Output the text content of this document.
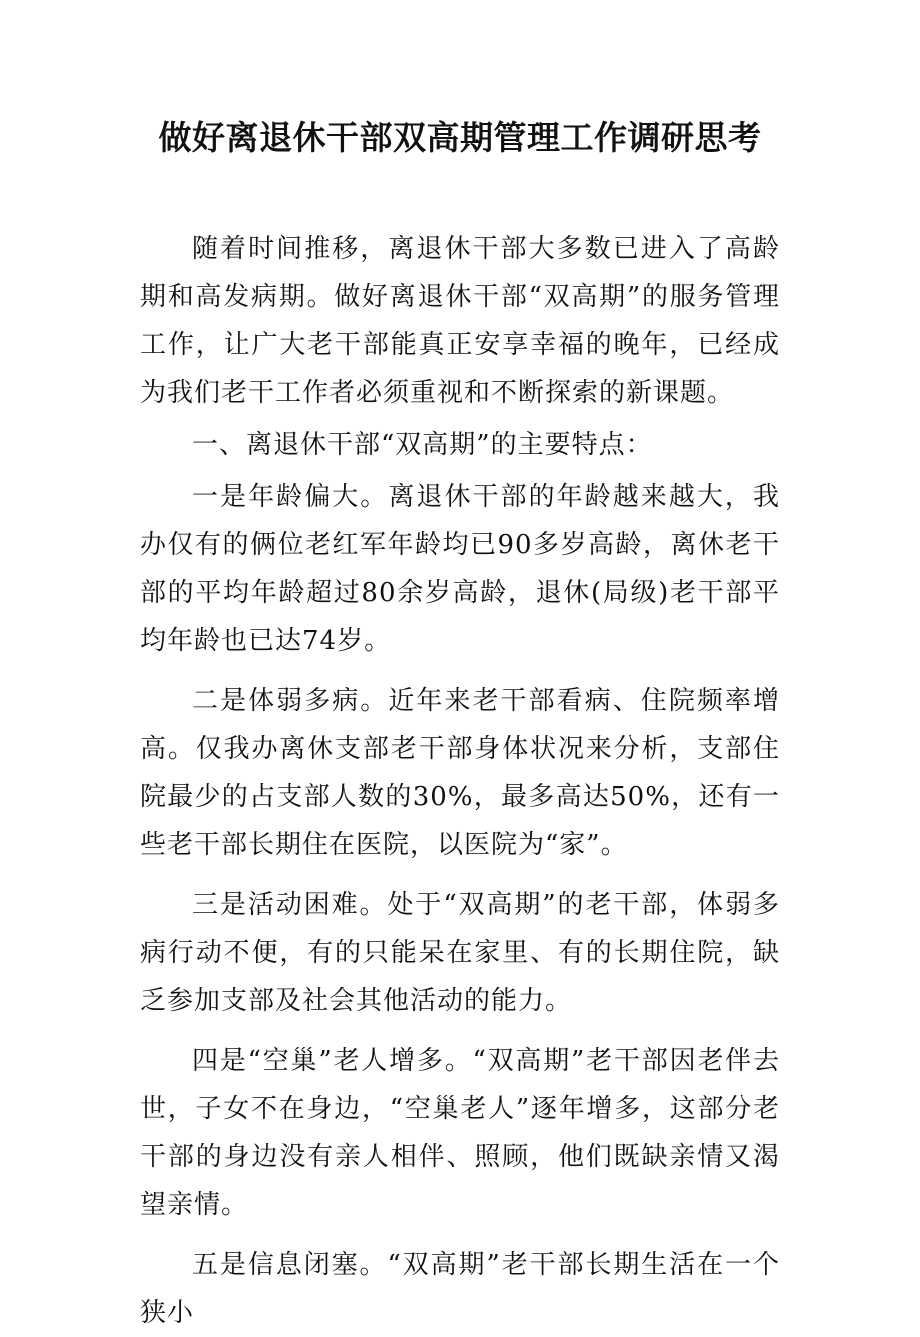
做好离退休干部双高期管理工作调研思考

随着时间推移，离退休干部大多数已进入了高龄期和高发病期。做好离退休干部“双高期”的服务管理工作，让广大老干部能真正安享幸福的晚年，已经成为我们老干工作者必须重视和不断探索的新课题。

一、离退休干部“双高期”的主要特点：

一是年龄偏大。离退休干部的年龄越来越大，我办仅有的俩位老红军年龄均已90多岁高龄，离休老干部的平均年龄超过80余岁高龄，退休(局级)老干部平均年龄也已达74岁。

二是体弱多病。近年来老干部看病、住院频率增高。仅我办离休支部老干部身体状况来分析，支部住院最少的占支部人数的30%，最多高达50%，还有一些老干部长期住在医院，以医院为“家”。

三是活动困难。处于“双高期”的老干部，体弱多病行动不便，有的只能呆在家里、有的长期住院，缺乏参加支部及社会其他活动的能力。

四是“空巢”老人增多。“双高期”老干部因老伴去世，子女不在身边，“空巢老人”逐年增多，这部分老干部的身边没有亲人相伴、照顾，他们既缺亲情又渴望亲情。

五是信息闭塞。“双高期”老干部长期生活在一个狭小
